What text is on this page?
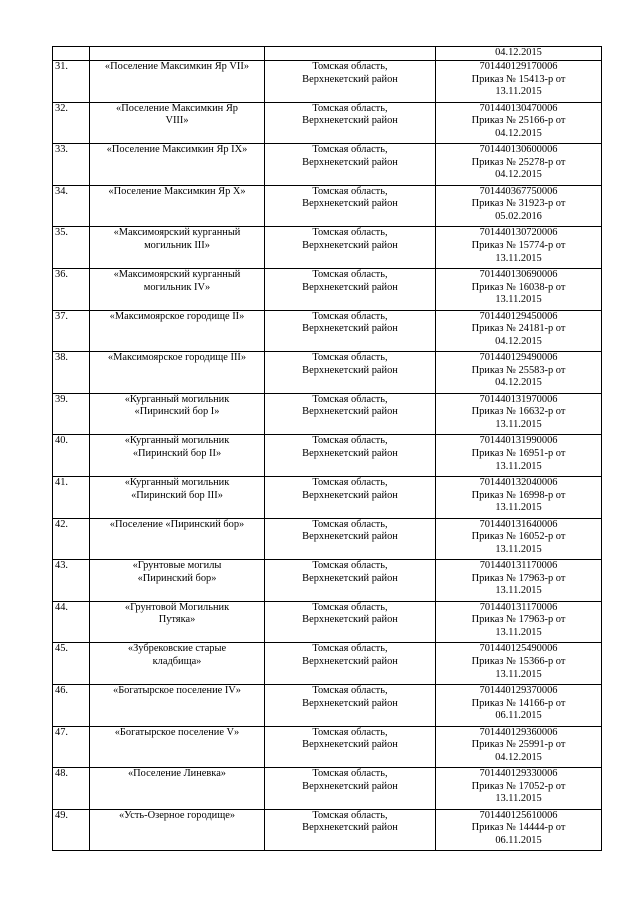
			04.12.2015

31.	«Поселение Максимкин Яр VII»	Томская область,
Верхнекетский район	701440129170006
Приказ № 15413-р от
13.11.2015

32.	«Поселение Максимкин Яр
VIII»	Томская область,
Верхнекетский район	701440130470006
Приказ № 25166-р от
04.12.2015

33.	«Поселение Максимкин Яр IX»	Томская область,
Верхнекетский район	701440130600006
Приказ № 25278-р от
04.12.2015

34.	«Поселение Максимкин Яр X»	Томская область,
Верхнекетский район	701440367750006
Приказ № 31923-р от
05.02.2016

35.	«Максимоярский курганный
могильник III»	Томская область,
Верхнекетский район	701440130720006
Приказ № 15774-р от
13.11.2015

36.	«Максимоярский курганный
могильник IV»	Томская область,
Верхнекетский район	701440130690006
Приказ № 16038-р от
13.11.2015

37.	«Максимоярское городище II»	Томская область,
Верхнекетский район	701440129450006
Приказ № 24181-р от
04.12.2015

38.	«Максимоярское городище III»	Томская область,
Верхнекетский район	701440129490006
Приказ № 25583-р от
04.12.2015

39.	«Курганный могильник
«Пиринский бор I»	Томская область,
Верхнекетский район	701440131970006
Приказ № 16632-р от
13.11.2015

40.	«Курганный могильник
«Пиринский бор II»	Томская область,
Верхнекетский район	701440131990006
Приказ № 16951-р от
13.11.2015

41.	«Курганный могильник
«Пиринский бор III»	Томская область,
Верхнекетский район	701440132040006
Приказ № 16998-р от
13.11.2015

42.	«Поселение «Пиринский бор»	Томская область,
Верхнекетский район	701440131640006
Приказ № 16052-р от
13.11.2015

43.	«Грунтовые могилы
«Пиринский бор»	Томская область,
Верхнекетский район	701440131170006
Приказ № 17963-р от
13.11.2015

44.	«Грунтовой Могильник
Путяка»	Томская область,
Верхнекетский район	701440131170006
Приказ № 17963-р от
13.11.2015

45.	«Зубрековские старые
кладбища»	Томская область,
Верхнекетский район	701440125490006
Приказ № 15366-р от
13.11.2015

46.	«Богатырское поселение IV»	Томская область,
Верхнекетский район	701440129370006
Приказ № 14166-р от
06.11.2015

47.	«Богатырское поселение V»	Томская область,
Верхнекетский район	701440129360006
Приказ № 25991-р от
04.12.2015

48.	«Поселение Линевка»	Томская область,
Верхнекетский район	701440129330006
Приказ № 17052-р от
13.11.2015

49.	«Усть-Озерное городище»	Томская область,
Верхнекетский район	701440125610006
Приказ № 14444-р от
06.11.2015
